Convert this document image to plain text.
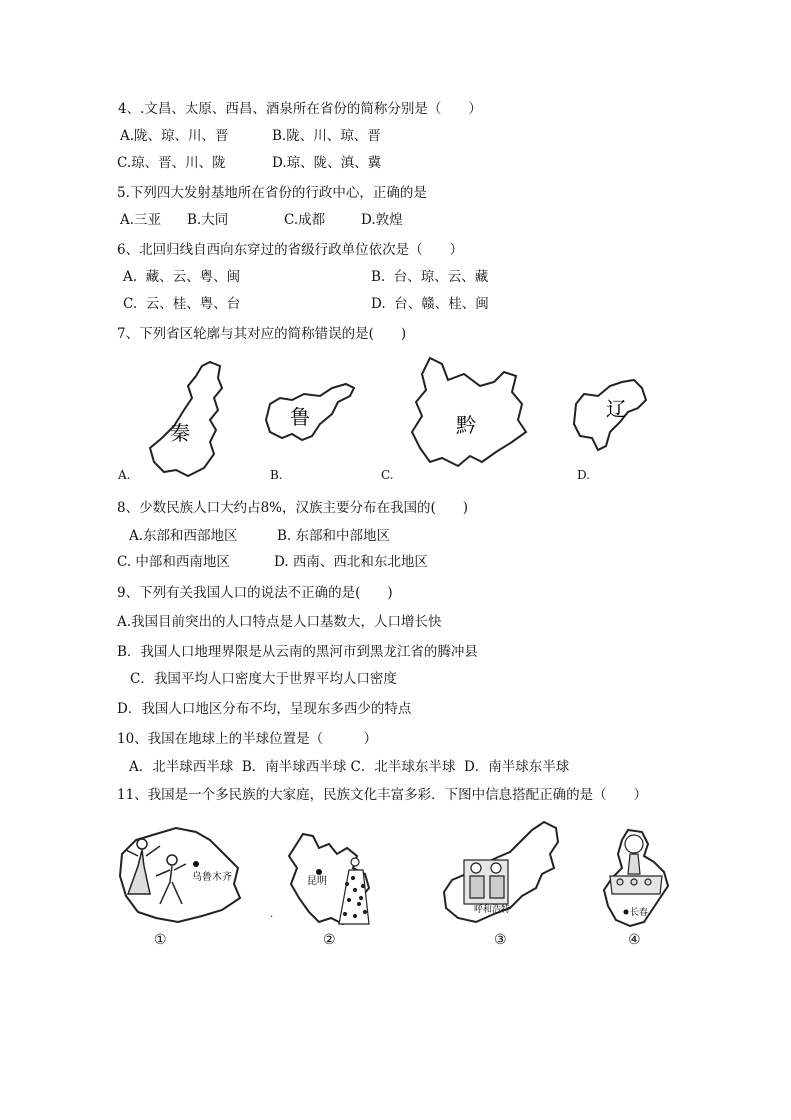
4、.文昌、太原、西昌、酒泉所在省份的简称分别是（　　）
A.陇、琼、川、晋	B.陇、川、琼、晋
C.琼、晋、川、陇	D.琼、陇、滇、冀
5.下列四大发射基地所在省份的行政中心，正确的是
A.三亚 B.大同	C.成都	D.敦煌
6、北回归线自西向东穿过的省级行政单位依次是（　　）
A.  藏、云、粤、闽	B.  台、琼、云、藏
C.  云、桂、粤、台	D.  台、赣、桂、闽
7、下列省区轮廓与其对应的简称错误的是(　　)
秦
A.
鲁
B.
黔
C.
辽
D.
8、少数民族人口大约占8%，汉族主要分布在我国的(　　)
A.东部和西部地区	B. 东部和中部地区
C. 中部和西南地区	D. 西南、西北和东北地区
9、下列有关我国人口的说法不正确的是(　　)
A.我国目前突出的人口特点是人口基数大，人口增长快
B．我国人口地理界限是从云南的黑河市到黑龙江省的腾冲县
C．我国平均人口密度大于世界平均人口密度
D．我国人口地区分布不均，呈现东多西少的特点
10、我国在地球上的半球位置是（　　　）
A．北半球西半球  B．南半球西半球 C．北半球东半球  D．南半球东半球
11、我国是一个多民族的大家庭，民族文化丰富多彩．下图中信息搭配正确的是（　　）
乌鲁木齐
①
昆明
.
②
呼和浩特
③
长春
④
